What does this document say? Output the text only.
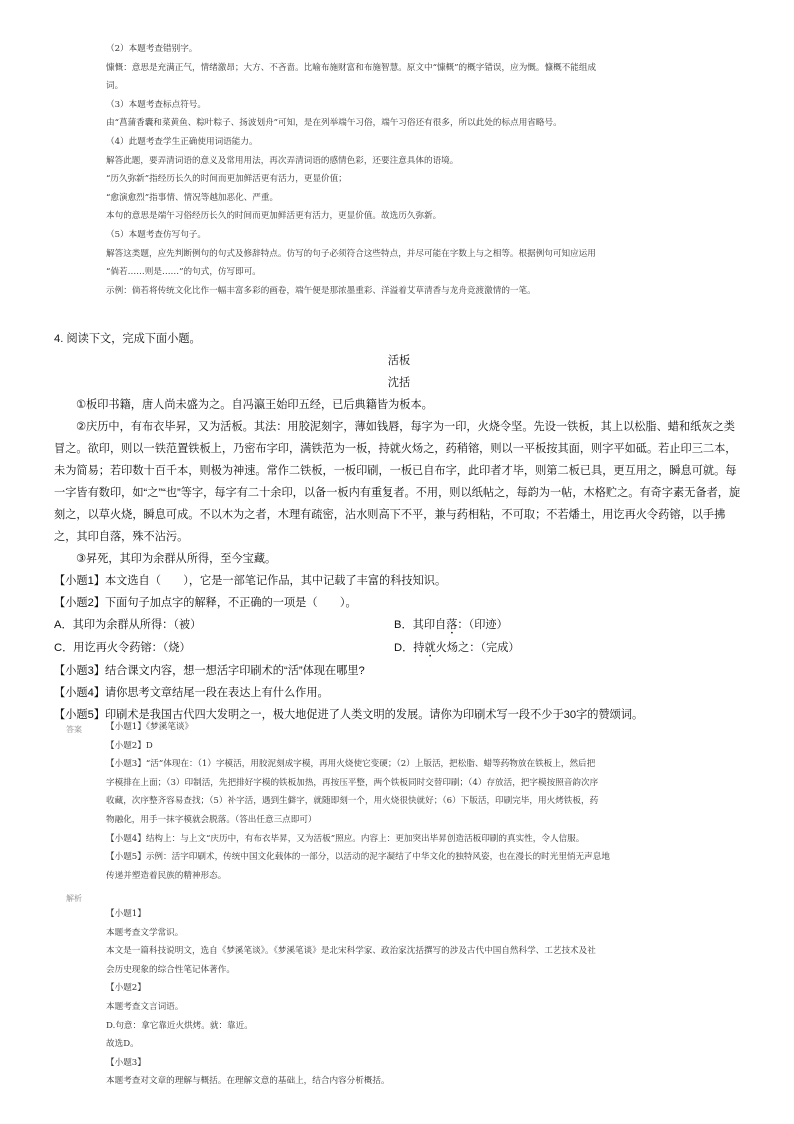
（2）本题考查错别字。

慷慨：意思是充满正气，情绪激昂；大方、不吝啬。比喻布施财富和布施智慧。原文中“慷概”的概字错误，应为慨。慷概不能组成

词。

（3）本题考查标点符号。

由“菖蒲香囊和菜黄鱼、粽叶粽子、扬波划舟”可知，是在列举端午习俗，端午习俗还有很多，所以此处的标点用省略号。

（4）此题考查学生正确使用词语能力。

解答此题，要弄清词语的意义及常用用法，再次弄清词语的感情色彩，还要注意具体的语境。

“历久弥新”指经历长久的时间而更加鲜活更有活力，更显价值；

“愈演愈烈”指事情、情况等越加恶化、严重。

本句的意思是端午习俗经历长久的时间而更加鲜活更有活力，更显价值。故选历久弥新。

（5）本题考查仿写句子。

解答这类题，应先判断例句的句式及修辞特点。仿写的句子必须符合这些特点，并尽可能在字数上与之相等。根据例句可知应运用

“倘若……则是……”的句式，仿写即可。

示例：倘若将传统文化比作一幅丰富多彩的画卷，端午便是那浓墨重彩、洋溢着艾草清香与龙舟竞渡激情的一笔。

4. 阅读下文，完成下面小题。

活板

沈括

①板印书籍，唐人尚未盛为之。自冯瀛王始印五经，已后典籍皆为板本。

②庆历中，有布衣毕昇，又为活板。其法：用胶泥刻字，薄如钱唇，每字为一印，火烧令坚。先设一铁板，其上以松脂、蜡和纸灰之类冒之。欲印，则以一铁范置铁板上，乃密布字印，满铁范为一板，持就火炀之，药稍镕，则以一平板按其面，则字平如砥。若止印三二本，未为简易；若印数十百千本，则极为神速。常作二铁板，一板印刷，一板已自布字，此印者才毕，则第二板已具，更互用之，瞬息可就。每一字皆有数印，如“之”“也”等字，每字有二十余印，以备一板内有重复者。不用，则以纸帖之，每韵为一帖，木格贮之。有奇字素无备者，旋刻之，以草火烧，瞬息可成。不以木为之者，木理有疏密，沾水则高下不平，兼与药相粘，不可取；不若燔土，用讫再火令药镕，以手拂之，其印自落，殊不沾污。

③昇死，其印为余群从所得，至今宝藏。

【小题1】本文选自（　　），它是一部笔记作品，其中记载了丰富的科技知识。

【小题2】下面句子加点字的解释，不正确的一项是（　　）。

A．其印为余群从所得：（被）	B．其印自落：（印迹）
C．用讫再火令药镕：（烧）	D．持就火炀之：（完成）

【小题3】结合课文内容，想一想活字印刷术的“活”体现在哪里?

【小题4】请你思考文章结尾一段在表达上有什么作用。

【小题5】印刷术是我国古代四大发明之一，极大地促进了人类文明的发展。请你为印刷术写一段不少于30字的赞颂词。

答案	【小题1】《梦溪笔谈》

【小题2】D

【小题3】“活”体现在：（1）字模活，用胶泥刻成字模，再用火烧使它变硬；（2）上版活，把松脂、蜡等药物放在铁板上，然后把

字模排在上面；（3）印制活，先把排好字模的铁板加热，再按压平整，两个铁板同时交替印刷；（4）存放活，把字模按照音韵次序

收藏，次序整齐容易查找；（5）补字活，遇到生僻字，就随即刻一个，用火烧很快就好；（6）下版活，印刷完毕，用火烤铁板，药

物融化，用手一抹字模就会脱落。（答出任意三点即可）

【小题4】结构上：与上文“庆历中，有布衣毕昇，又为活板”照应。内容上：更加突出毕昇创造活板印刷的真实性，令人信服。

【小题5】示例：活字印刷术，传统中国文化载体的一部分，以活动的泥字凝结了中华文化的独特风姿，也在漫长的时光里悄无声息地

传递并塑造着民族的精神形态。

解析

【小题1】

本题考查文学常识。

本文是一篇科技说明文，选自《梦溪笔谈》。《梦溪笔谈》是北宋科学家、政治家沈括撰写的涉及古代中国自然科学、工艺技术及社

会历史现象的综合性笔记体著作。

【小题2】

本题考查文言词语。

D.句意：拿它靠近火烘烤。就：靠近。

故选D。

【小题3】

本题考查对文章的理解与概括。在理解文意的基础上，结合内容分析概括。
